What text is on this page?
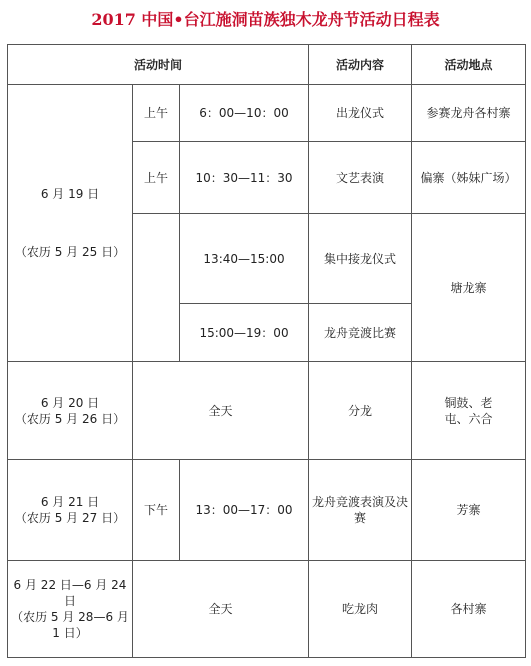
2017 中国•台江施洞苗族独木龙舟节活动日程表
活动时间			活动内容	活动地点

6 月 19 日
（农历 5 月 25 日）	上午	6：00—10：00	出龙仪式	参赛龙舟各村寨
	上午	10：30—11：30	文艺表演	偏寨（姊妹广场）
		13:40—15:00	集中接龙仪式	塘龙寨
		15:00—19：00	龙舟竞渡比赛	

6 月 20 日
（农历 5 月 26 日）	全天		分龙	铜鼓、老屯、六合

6 月 21 日
（农历 5 月 27 日）	下午	13：00—17：00	龙舟竞渡表演及决赛	芳寨

6 月 22 日—6 月 24 日
（农历 5 月 28—6 月 1 日）	全天		吃龙肉	各村寨
